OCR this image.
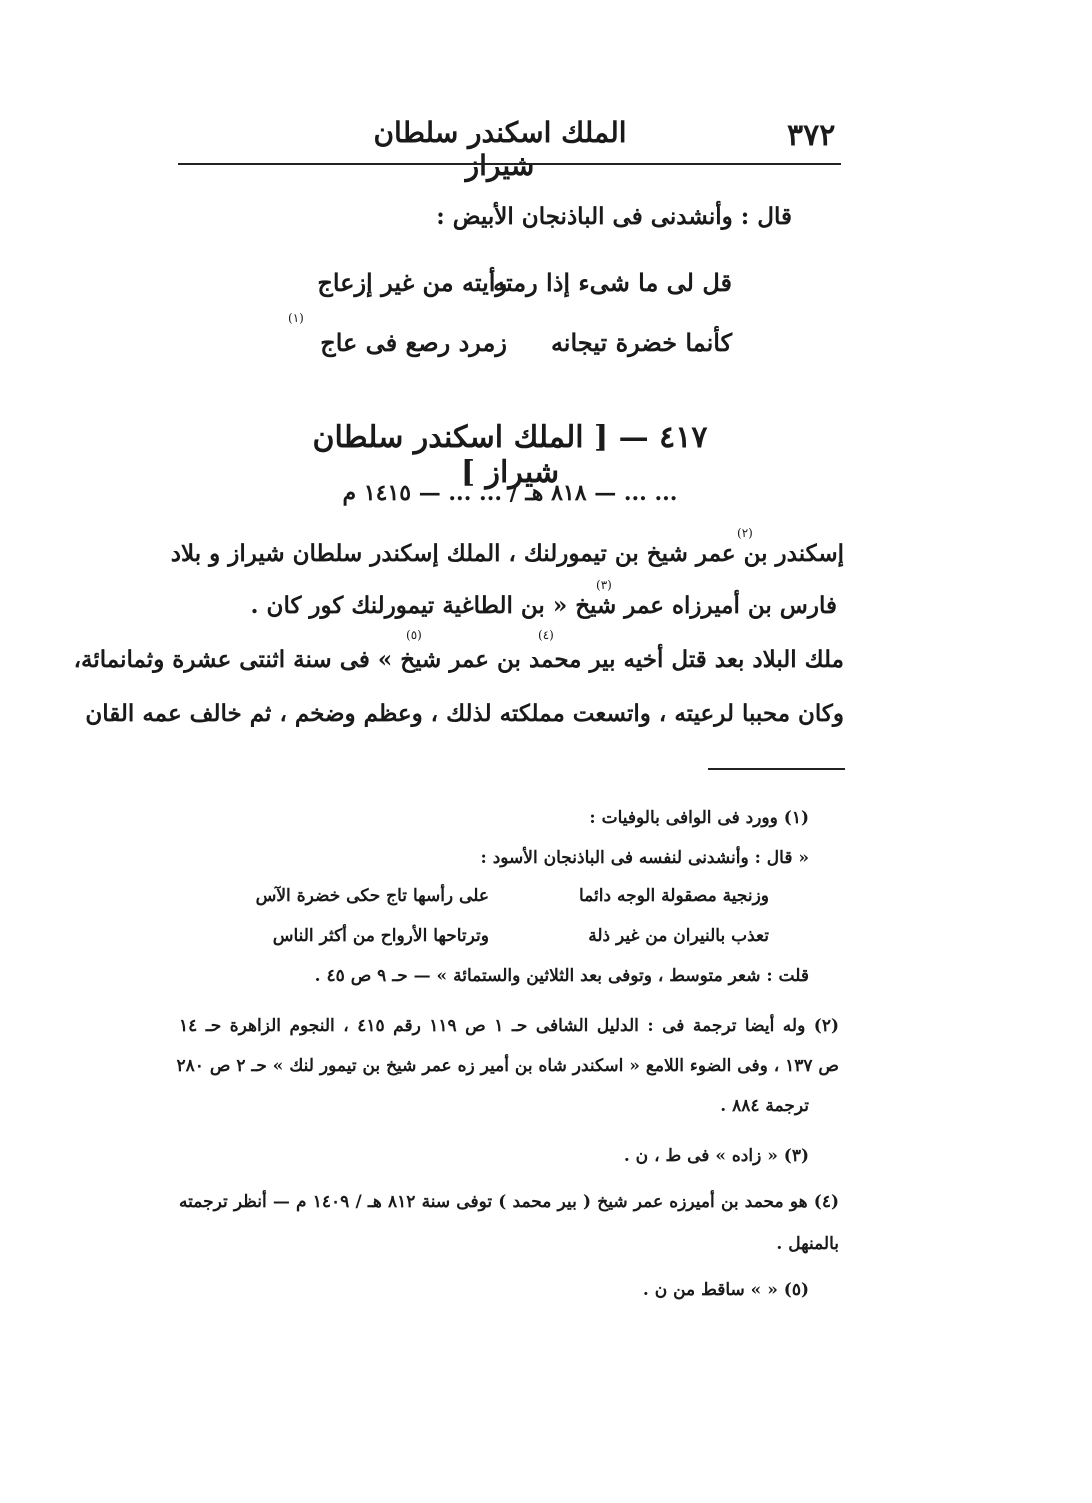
٣٧٢
الملك اسكندر سلطان شيراز
قال : وأنشدنى فى الباذنجان الأبيض :
قل لى ما شىء إذا رمته
رأيته من غير إزعاج
(١)
كأنما خضرة تيجانه
زمرد رصع فى عاج
٤١٧ — [ الملك اسكندر سلطان شيراز ]
... ... — ٨١٨ هـ / ... ... — ١٤١٥ م
(٢)
إسكندر بن عمر شيخ بن تيمورلنك ، الملك إسكندر سلطان شيراز و بلاد
(٣)
فارس بن أميرزاه عمر شيخ « بن الطاغية تيمورلنك كور كان .
(٤)
(٥)
ملك البلاد بعد قتل أخيه بير محمد بن عمر شيخ » فى سنة اثنتى عشرة وثمانمائة،
وكان محببا لرعيته ، واتسعت مملكته لذلك ، وعظم وضخم ، ثم خالف عمه القان
(١) وورد فى الوافى بالوفيات :
« قال : وأنشدنى لنفسه فى الباذنجان الأسود :
وزنجية مصقولة الوجه دائما
على رأسها تاج حكى خضرة الآس
تعذب بالنيران من غير ذلة
وترتاحها الأرواح من أكثر الناس
قلت : شعر متوسط ، وتوفى بعد الثلاثين والستمائة » — حـ ٩ ص ٤٥ .
(٢) وله أيضا ترجمة فى : الدليل الشافى حـ ١ ص ١١٩ رقم ٤١٥ ، النجوم الزاهرة حـ ١٤
ص ١٣٧ ، وفى الضوء اللامع « اسكندر شاه بن أمير زه عمر شيخ بن تيمور لنك » حـ ٢ ص ٢٨٠
ترجمة ٨٨٤ .
(٣) « زاده » فى ط ، ن .
(٤) هو محمد بن أميرزه عمر شيخ ( بير محمد ) توفى سنة ٨١٢ هـ / ١٤٠٩ م — أنظر ترجمته
بالمنهل .
(٥) « » ساقط من ن .
